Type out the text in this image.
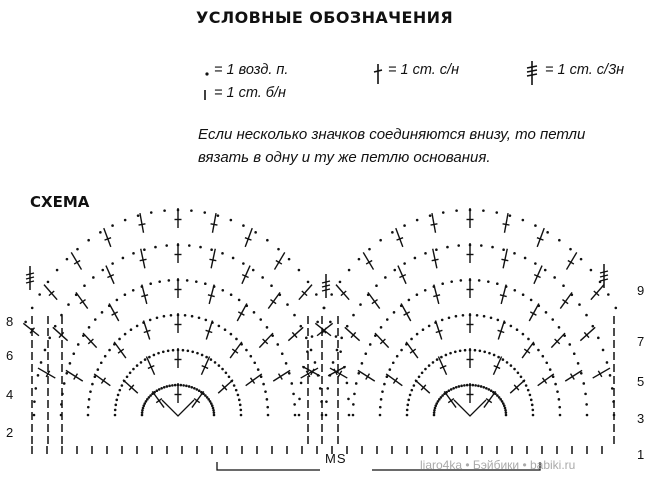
УСЛОВНЫЕ ОБОЗНАЧЕНИЯ
= 1 возд. п.	= 1 ст. с/н	= 1 ст. с/3н
= 1 ст. б/н
Если несколько значков соединяются внизу, то петли вязать в одну и ту же петлю основания.
СХЕМА
8
6
4
2
9
7
5
3
1
MS	liaro4ka • Бэйбики • babiki.ru
